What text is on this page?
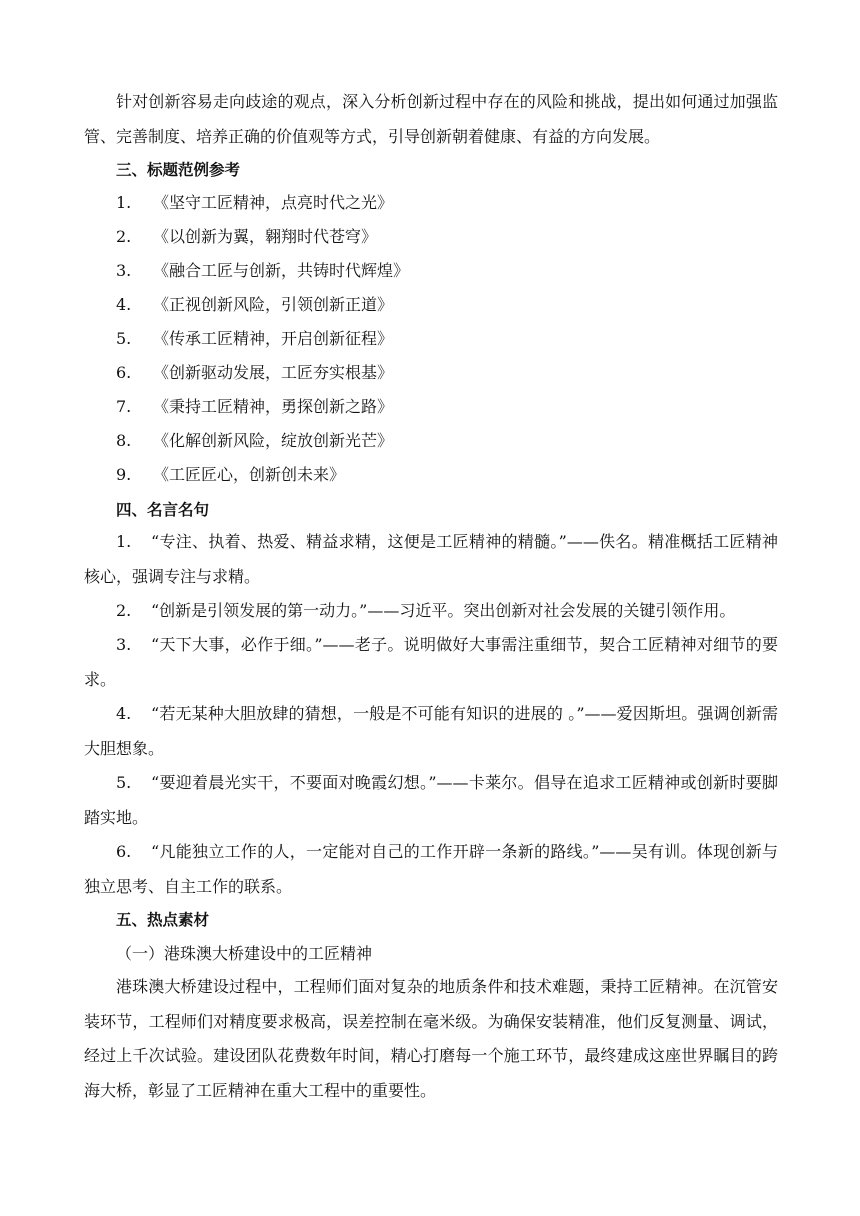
针对创新容易走向歧途的观点，深入分析创新过程中存在的风险和挑战，提出如何通过加强监管、完善制度、培养正确的价值观等方式，引导创新朝着健康、有益的方向发展。

三、标题范例参考

1. 《坚守工匠精神，点亮时代之光》

2. 《以创新为翼，翱翔时代苍穹》

3. 《融合工匠与创新，共铸时代辉煌》

4. 《正视创新风险，引领创新正道》

5. 《传承工匠精神，开启创新征程》

6. 《创新驱动发展，工匠夯实根基》

7. 《秉持工匠精神，勇探创新之路》

8. 《化解创新风险，绽放创新光芒》

9. 《工匠匠心，创新创未来》

四、名言名句

1. “专注、执着、热爱、精益求精，这便是工匠精神的精髓。”——佚名。精准概括工匠精神核心，强调专注与求精。

2. “创新是引领发展的第一动力。”——习近平。突出创新对社会发展的关键引领作用。

3. “天下大事，必作于细。”——老子。说明做好大事需注重细节，契合工匠精神对细节的要求。

4. “若无某种大胆放肆的猜想，一般是不可能有知识的进展的 。”——爱因斯坦。强调创新需大胆想象。

5. “要迎着晨光实干，不要面对晚霞幻想。”——卡莱尔。倡导在追求工匠精神或创新时要脚踏实地。

6. “凡能独立工作的人，一定能对自己的工作开辟一条新的路线。”——吴有训。体现创新与独立思考、自主工作的联系。

五、热点素材

（一）港珠澳大桥建设中的工匠精神

港珠澳大桥建设过程中，工程师们面对复杂的地质条件和技术难题，秉持工匠精神。在沉管安装环节，工程师们对精度要求极高，误差控制在毫米级。为确保安装精准，他们反复测量、调试，经过上千次试验。建设团队花费数年时间，精心打磨每一个施工环节，最终建成这座世界瞩目的跨海大桥，彰显了工匠精神在重大工程中的重要性。
